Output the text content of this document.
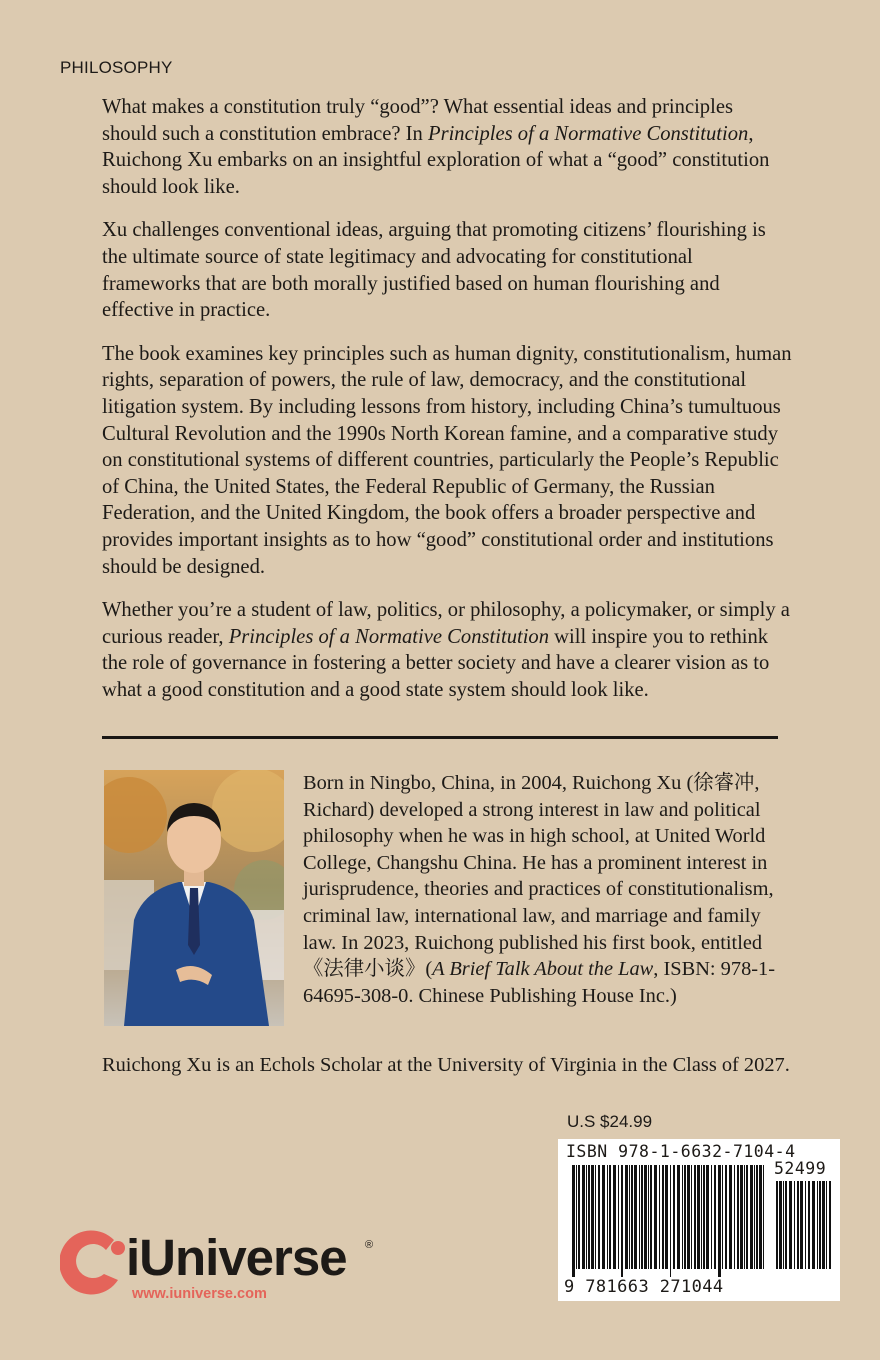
PHILOSOPHY

What makes a constitution truly “good”? What essential ideas and principles should such a constitution embrace? In Principles of a Normative Constitution, Ruichong Xu embarks on an insightful exploration of what a “good” constitution should look like.

Xu challenges conventional ideas, arguing that promoting citizens’ flourishing is the ultimate source of state legitimacy and advocating for constitutional frameworks that are both morally justified based on human flourishing and effective in practice.

The book examines key principles such as human dignity, constitutionalism, human rights, separation of powers, the rule of law, democracy, and the constitutional litigation system. By including lessons from history, including China’s tumultuous Cultural Revolution and the 1990s North Korean famine, and a comparative study on constitutional systems of different countries, particularly the People’s Republic of China, the United States, the Federal Republic of Germany, the Russian Federation, and the United Kingdom, the book offers a broader perspective and provides important insights as to how “good” constitutional order and institutions should be designed.

Whether you’re a student of law, politics, or philosophy, a policymaker, or simply a curious reader, Principles of a Normative Constitution will inspire you to rethink the role of governance in fostering a better society and have a clearer vision as to what a good constitution and a good state system should look like.

Born in Ningbo, China, in 2004, Ruichong Xu (徐睿冲, Richard) developed a strong interest in law and political philosophy when he was in high school, at United World College, Changshu China. He has a prominent interest in jurisprudence, theories and practices of constitutionalism, criminal law, international law, and marriage and family law. In 2023, Ruichong published his first book, entitled 《法律小谈》(A Brief Talk About the Law, ISBN: 978-1-64695-308-0. Chinese Publishing House Inc.)
Ruichong Xu is an Echols Scholar at the University of Virginia in the Class of 2027.
U.S $24.99
ISBN 978-1-6632-7104-4
52499
9 781663 271044
iUniverse ®
www.iuniverse.com
